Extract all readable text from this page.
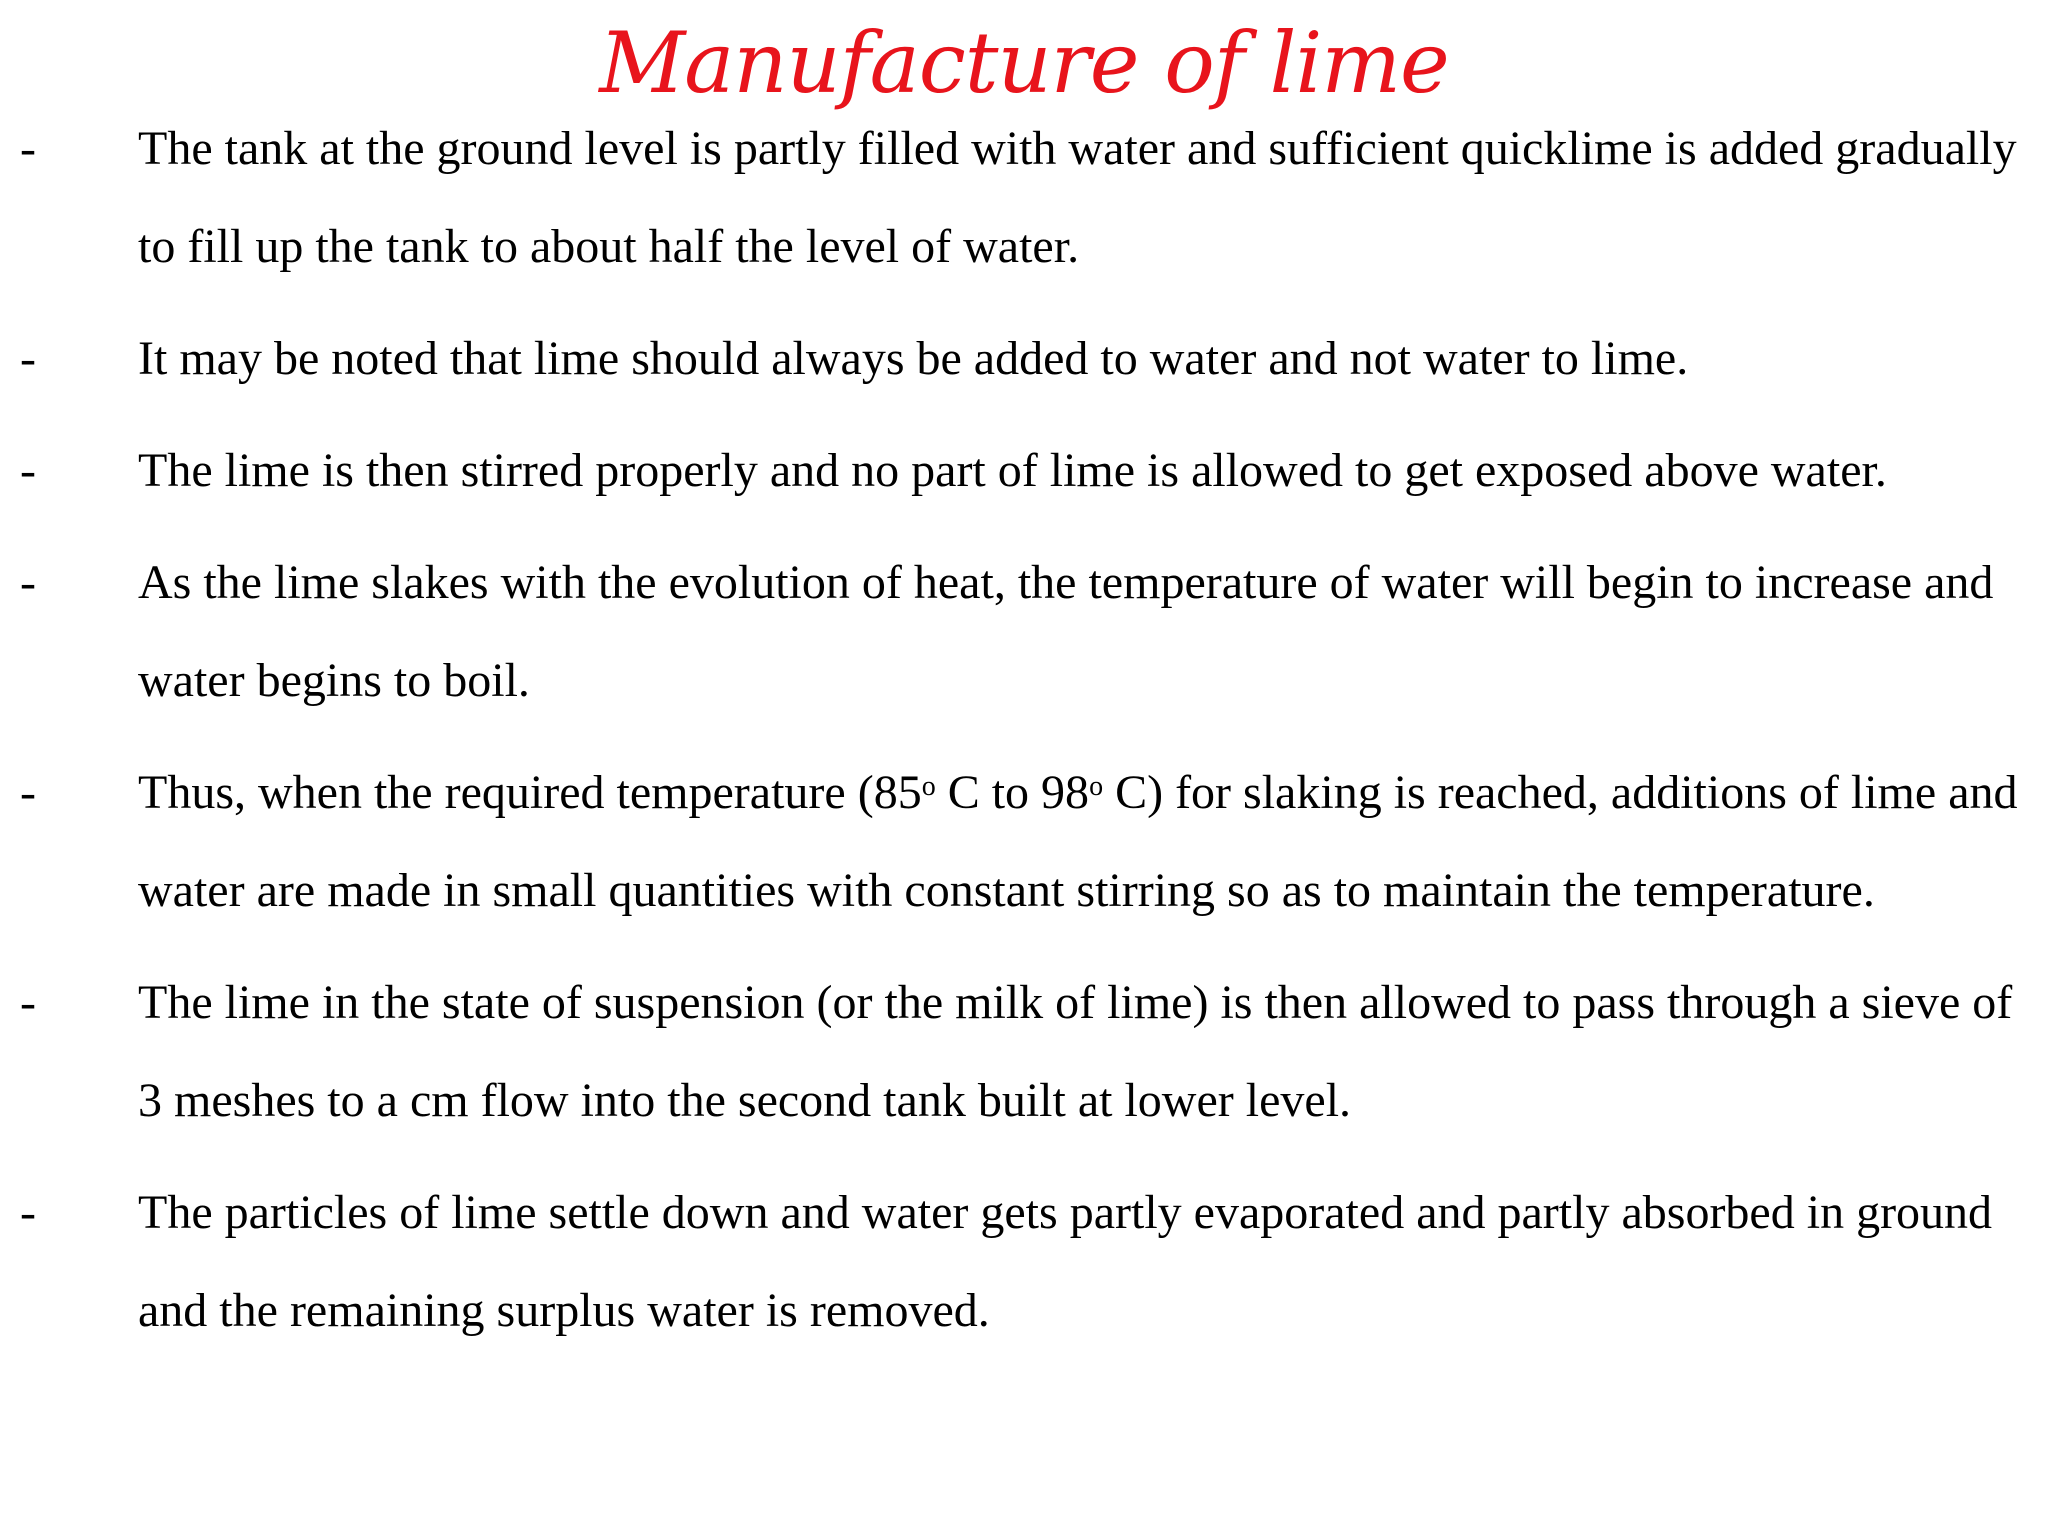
Manufacture of lime
- The tank at the ground level is partly filled with water and sufficient quicklime is added gradually to fill up the tank to about half the level of water.
- It may be noted that lime should always be added to water and not water to lime.
- The lime is then stirred properly and no part of lime is allowed to get exposed above water.
- As the lime slakes with the evolution of heat, the temperature of water will begin to increase and water begins to boil.
- Thus, when the required temperature (85$^o$ C to 98$^o$ C) for slaking is reached, additions of lime and water are made in small quantities with constant stirring so as to maintain the temperature.
- The lime in the state of suspension (or the milk of lime) is then allowed to pass through a sieve of 3 meshes to a cm flow into the second tank built at lower level.
- The particles of lime settle down and water gets partly evaporated and partly absorbed in ground and the remaining surplus water is removed.
